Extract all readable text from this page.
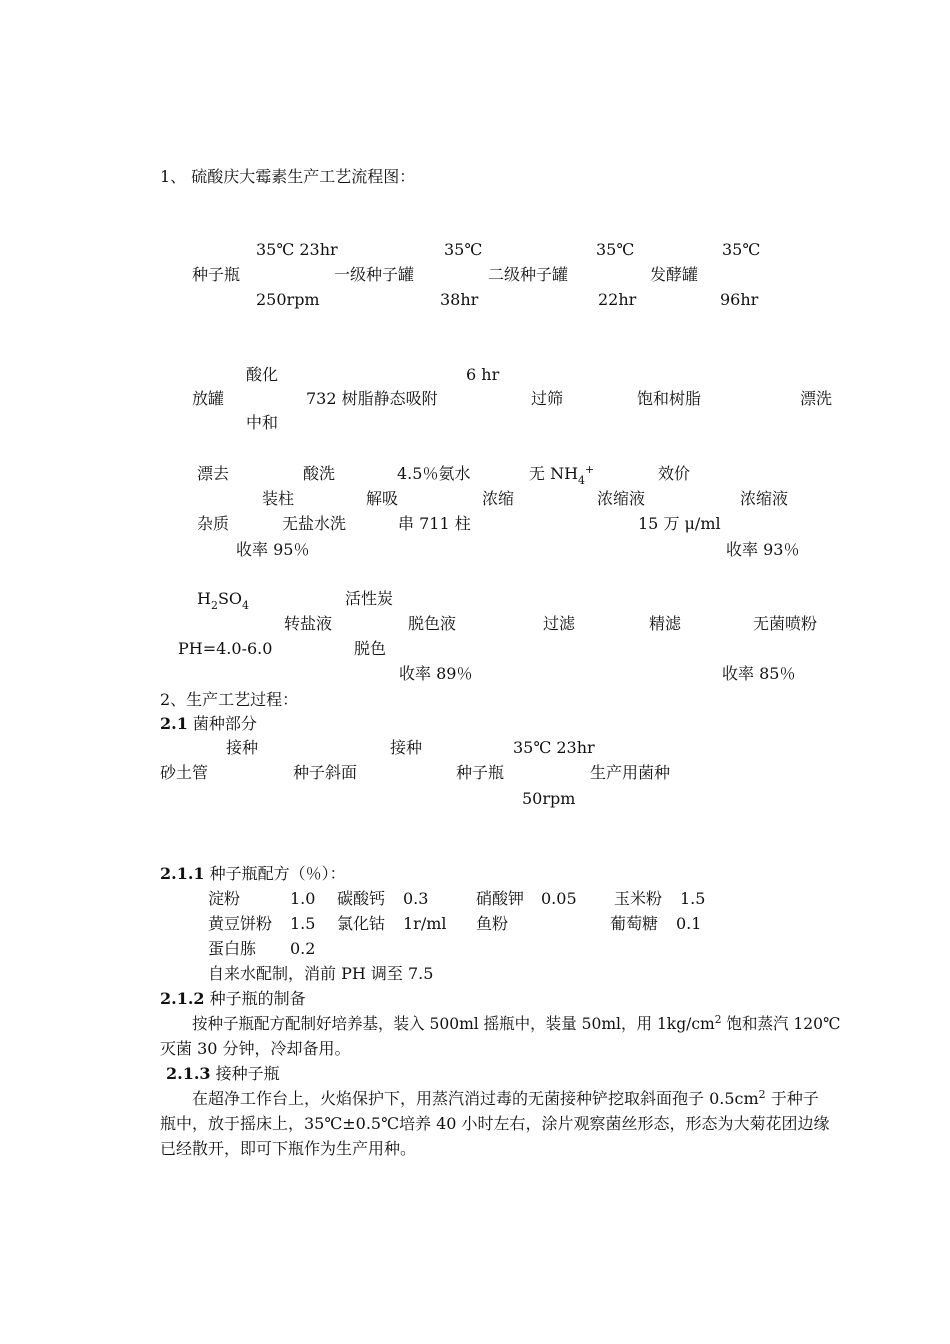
1、 硫酸庆大霉素生产工艺流程图：
35℃ 23hr	35℃	35℃	35℃
种子瓶	一级种子罐	二级种子罐	发酵罐
250rpm	38hr	22hr	96hr
酸化	6 hr
放罐	732 树脂静态吸附	过筛	饱和树脂	漂洗
中和
漂去	酸洗	4.5％氨水	无 $NH_4^+$	效价
装柱	解吸	浓缩	浓缩液	浓缩液
杂质	无盐水洗	串 711 柱	15 万 μ/ml
收率 95％	收率 93％
$H_2SO_4$	活性炭
转盐液	脱色液	过滤	精滤	无菌喷粉
PH=4.0-6.0	脱色
收率 89％	收率 85％
2、生产工艺过程：
2.1 菌种部分
接种	接种	35℃ 23hr
砂土管	种子斜面	种子瓶	生产用菌种
50rpm
2.1.1 种子瓶配方（％）：
淀粉	1.0 碳酸钙 0.3	硝酸钾 0.05 玉米粉 1.5
黄豆饼粉 1.5 氯化钴 1r/ml 鱼粉	葡萄糖 0.1
蛋白胨 0.2
自来水配制，消前 PH 调至 7.5
2.1.2 种子瓶的制备
按种子瓶配方配制好培养基，装入 500ml 摇瓶中，装量 50ml，用 $1kg/cm^2$ 饱和蒸汽 120℃
灭菌 30 分钟，冷却备用。
2.1.3 接种子瓶
在超净工作台上，火焰保护下，用蒸汽消过毒的无菌接种铲挖取斜面孢子 $0.5cm^2$ 于种子
瓶中，放于摇床上，35℃±0.5℃培养 40 小时左右，涂片观察菌丝形态，形态为大菊花团边缘
已经散开，即可下瓶作为生产用种。
